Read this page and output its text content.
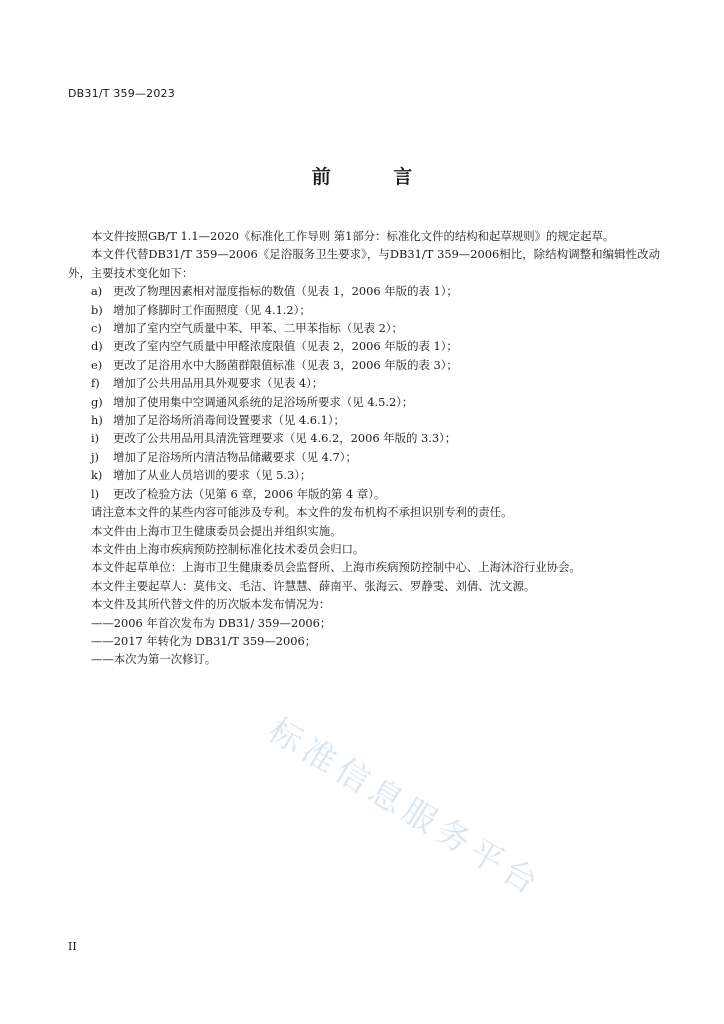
DB31/T 359—2023
前 言

本文件按照GB/T 1.1—2020《标准化工作导则 第1部分：标准化文件的结构和起草规则》的规定起草。

本文件代替DB31/T 359—2006《足浴服务卫生要求》，与DB31/T 359—2006相比，除结构调整和编辑性改动外，主要技术变化如下：

a) 更改了物理因素相对湿度指标的数值（见表 1，2006 年版的表 1）；

b) 增加了修脚时工作面照度（见 4.1.2）；

c) 增加了室内空气质量中苯、甲苯、二甲苯指标（见表 2）；

d) 更改了室内空气质量中甲醛浓度限值（见表 2，2006 年版的表 1）；

e) 更改了足浴用水中大肠菌群限值标准（见表 3，2006 年版的表 3）；

f)	增加了公共用品用具外观要求（见表 4）；

g) 增加了使用集中空调通风系统的足浴场所要求（见 4.5.2）；

h) 增加了足浴场所消毒间设置要求（见 4.6.1）；

i)	更改了公共用品用具清洗管理要求（见 4.6.2，2006 年版的 3.3）；

j)	增加了足浴场所内清洁物品储藏要求（见 4.7）；

k) 增加了从业人员培训的要求（见 5.3）；

l)	更改了检验方法（见第 6 章，2006 年版的第 4 章）。

请注意本文件的某些内容可能涉及专利。本文件的发布机构不承担识别专利的责任。

本文件由上海市卫生健康委员会提出并组织实施。

本文件由上海市疾病预防控制标准化技术委员会归口。

本文件起草单位：上海市卫生健康委员会监督所、上海市疾病预防控制中心、上海沐浴行业协会。

本文件主要起草人：莫伟文、毛洁、许慧慧、薛南平、张海云、罗静雯、刘倩、沈文源。

本文件及其所代替文件的历次版本发布情况为：

——2006 年首次发布为 DB31/ 359—2006；

——2017 年转化为 DB31/T 359—2006；

——本次为第一次修订。

标准信息服务平台
II
